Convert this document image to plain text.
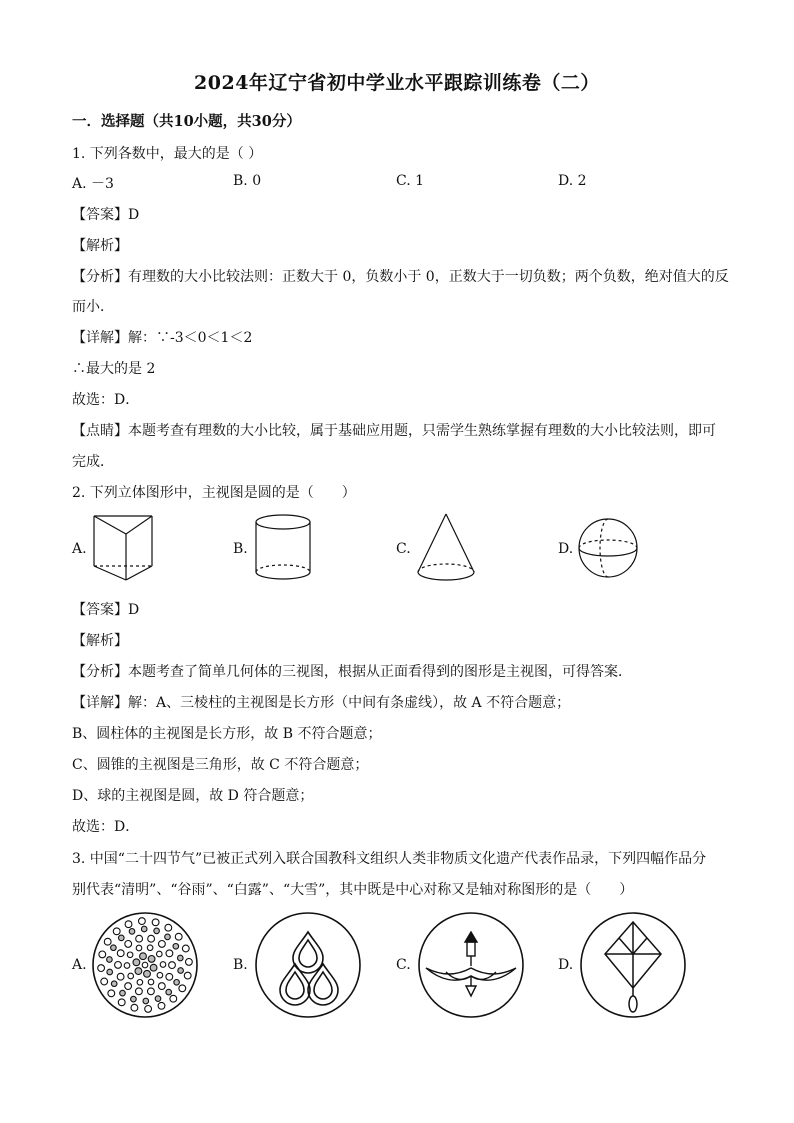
2024年辽宁省初中学业水平跟踪训练卷（二）
一．选择题（共10小题，共30分）
1. 下列各数中，最大的是（ ）
A. －3	B. 0	C. 1	D. 2
【答案】D
【解析】
【分析】有理数的大小比较法则：正数大于 0，负数小于 0，正数大于一切负数；两个负数，绝对值大的反
而小．
【详解】解：∵-3＜0＜1＜2
∴最大的是 2
故选：D．
【点睛】本题考查有理数的大小比较，属于基础应用题，只需学生熟练掌握有理数的大小比较法则，即可
完成．
2. 下列立体图形中，主视图是圆的是（　　）
A.	B.	C.	D.
【答案】D
【解析】
【分析】本题考查了简单几何体的三视图，根据从正面看得到的图形是主视图，可得答案．
【详解】解：A、三棱柱的主视图是长方形（中间有条虚线），故 A 不符合题意；
B、圆柱体的主视图是长方形，故 B 不符合题意；
C、圆锥的主视图是三角形，故 C 不符合题意；
D、球的主视图是圆，故 D 符合题意；
故选：D．
3. 中国“二十四节气”已被正式列入联合国教科文组织人类非物质文化遗产代表作品录，下列四幅作品分
别代表“清明”、“谷雨”、“白露”、“大雪”，其中既是中心对称又是轴对称图形的是（　　）
A.	B.	C.	D.
